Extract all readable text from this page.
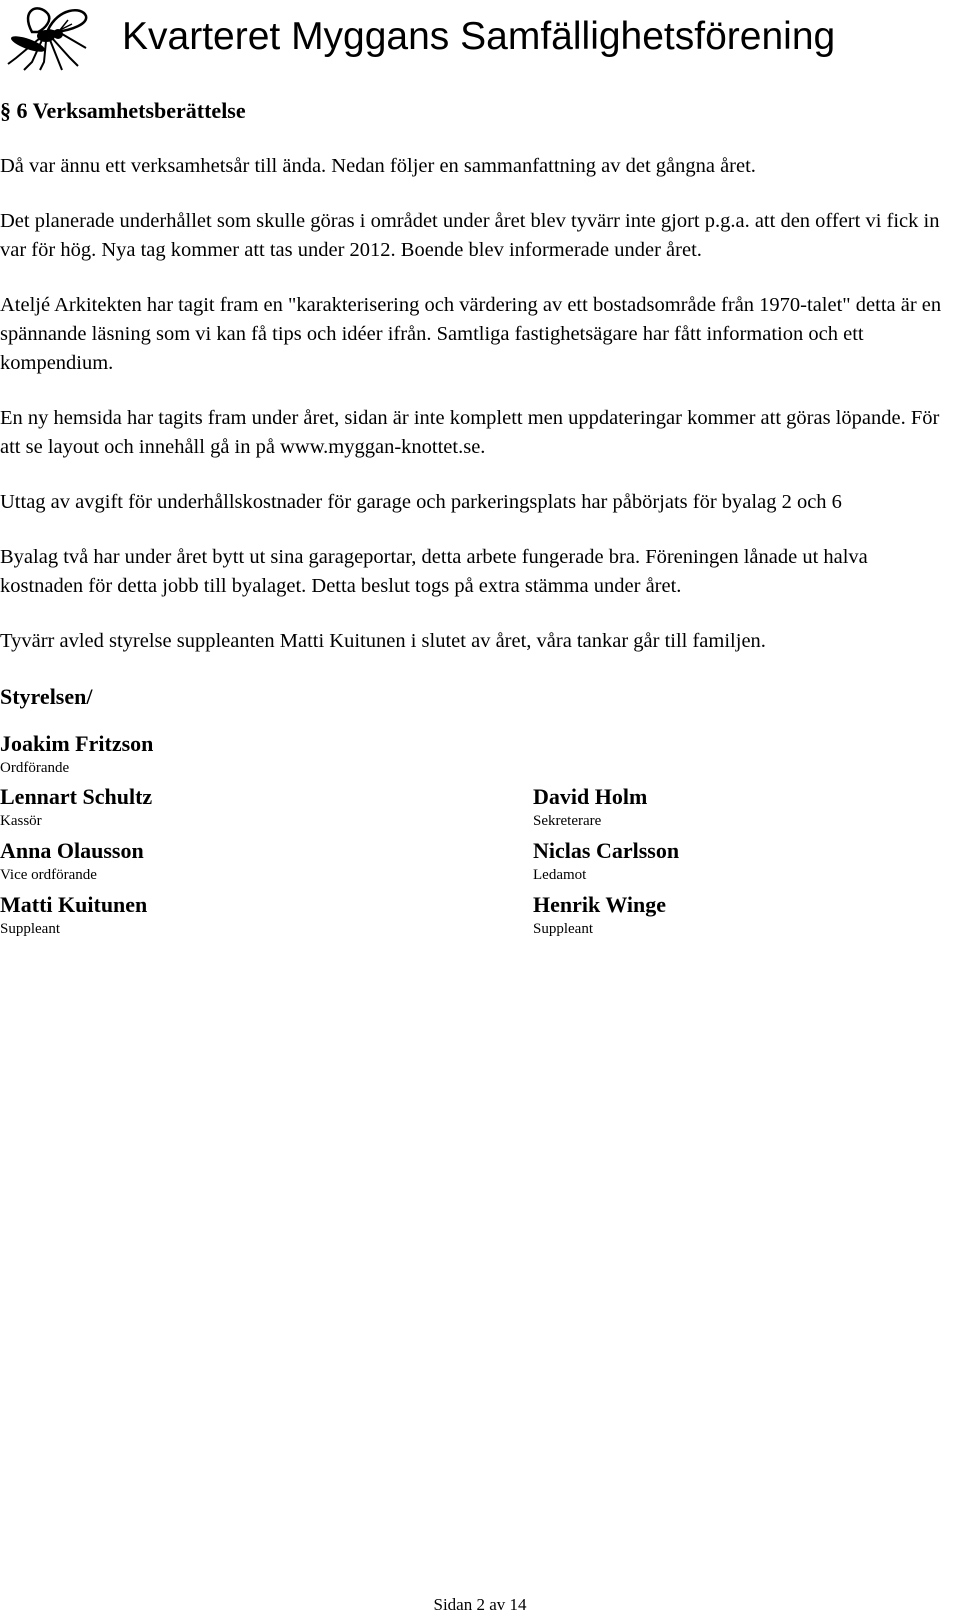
Kvarteret Myggans Samfällighetsförening
§ 6 Verksamhetsberättelse

Då var ännu ett verksamhetsår till ända. Nedan följer en sammanfattning av det gångna året.

Det planerade underhållet som skulle göras i området under året blev tyvärr inte gjort p.g.a. att den offert vi fick in var för hög. Nya tag kommer att tas under 2012. Boende blev informerade under året.

Ateljé Arkitekten har tagit fram en "karakterisering och värdering av ett bostadsområde från 1970-talet" detta är en spännande läsning som vi kan få tips och idéer ifrån. Samtliga fastighetsägare har fått information och ett kompendium.

En ny hemsida har tagits fram under året, sidan är inte komplett men uppdateringar kommer att göras löpande. För att se layout och innehåll gå in på www.myggan-knottet.se.

Uttag av avgift för underhållskostnader för garage och parkeringsplats har påbörjats för byalag 2 och 6

Byalag två har under året bytt ut sina garageportar, detta arbete fungerade bra. Föreningen lånade ut halva kostnaden för detta jobb till byalaget. Detta beslut togs på extra stämma under året.

Tyvärr avled styrelse suppleanten Matti Kuitunen i slutet av året, våra tankar går till familjen.

Styrelsen/
Joakim Fritzson
Ordförande
Lennart Schultz
Kassör
David Holm
Sekreterare
Anna Olausson
Vice ordförande
Niclas Carlsson
Ledamot
Matti Kuitunen
Suppleant
Henrik Winge
Suppleant
Sidan 2 av 14
